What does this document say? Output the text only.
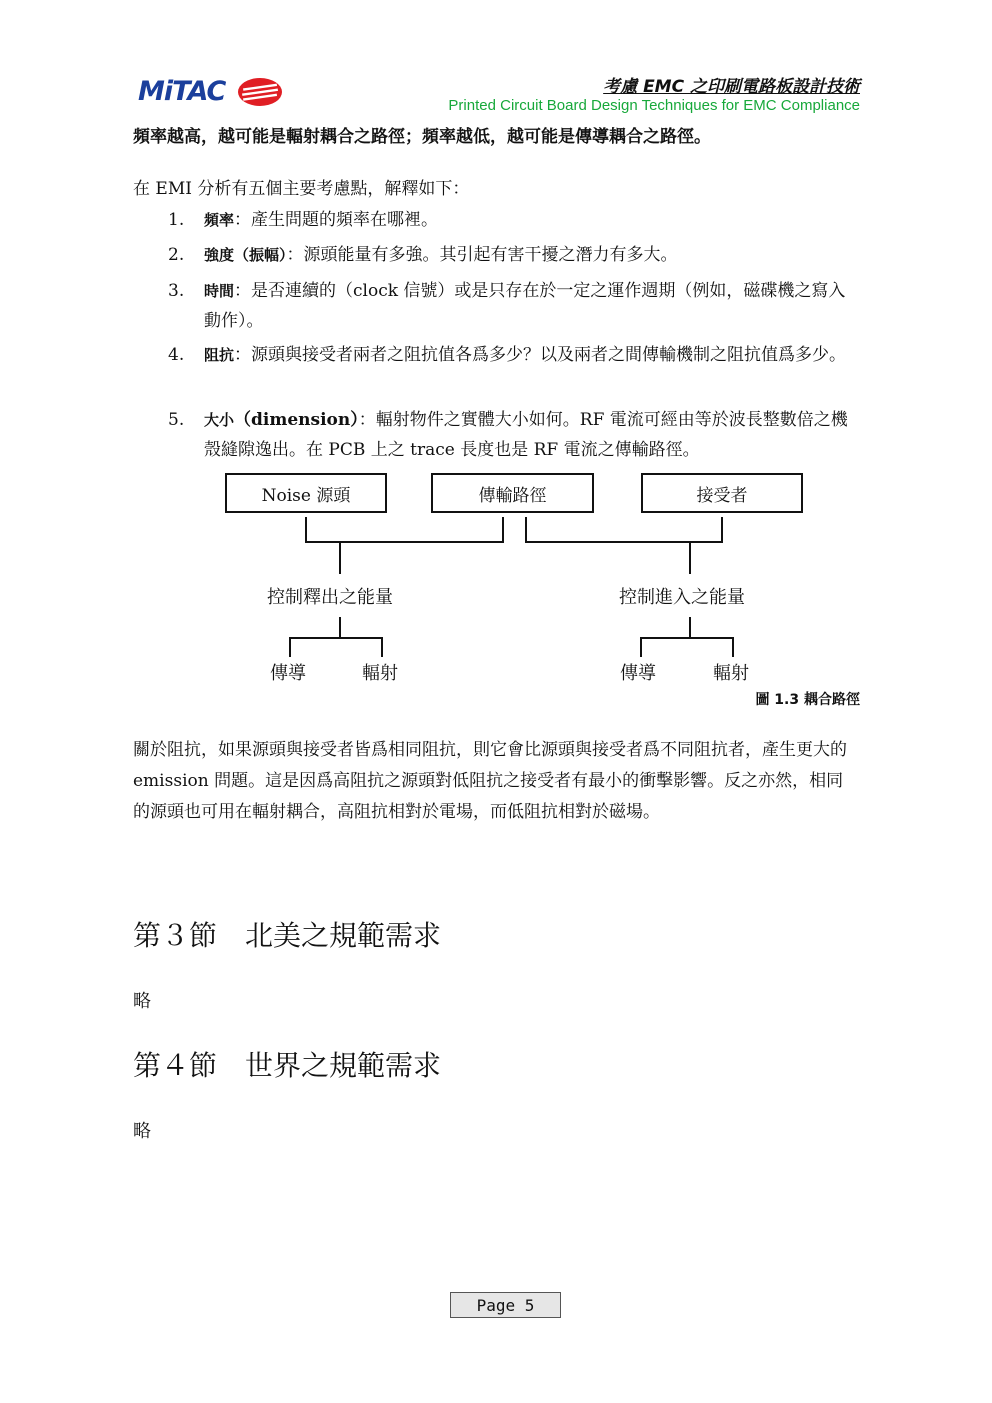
MiTAC	考慮 EMC 之印刷電路板設計技術
Printed Circuit Board Design Techniques for EMC Compliance
頻率越高，越可能是輻射耦合之路徑；頻率越低，越可能是傳導耦合之路徑。
在 EMI 分析有五個主要考慮點，解釋如下：
1.	頻率：產生問題的頻率在哪裡。
2.	強度（振幅）：源頭能量有多強。其引起有害干擾之潛力有多大。
3.	時間：是否連續的（clock 信號）或是只存在於一定之運作週期（例如，磁碟機之寫入動作）。
4.	阻抗：源頭與接受者兩者之阻抗值各爲多少？以及兩者之間傳輸機制之阻抗值爲多少。
5.	大小（dimension）：輻射物件之實體大小如何。RF 電流可經由等於波長整數倍之機殼縫隙逸出。在 PCB 上之 trace 長度也是 RF 電流之傳輸路徑。
Noise 源頭	傳輸路徑	接受者
控制釋出之能量	控制進入之能量
傳導	輻射	傳導	輻射
圖 1.3 耦合路徑
關於阻抗，如果源頭與接受者皆爲相同阻抗，則它會比源頭與接受者爲不同阻抗者，產生更大的 emission 問題。這是因爲高阻抗之源頭對低阻抗之接受者有最小的衝擊影響。反之亦然，相同的源頭也可用在輻射耦合，高阻抗相對於電場，而低阻抗相對於磁場。
第３節　北美之規範需求
略
第４節　世界之規範需求
略
Page 5
